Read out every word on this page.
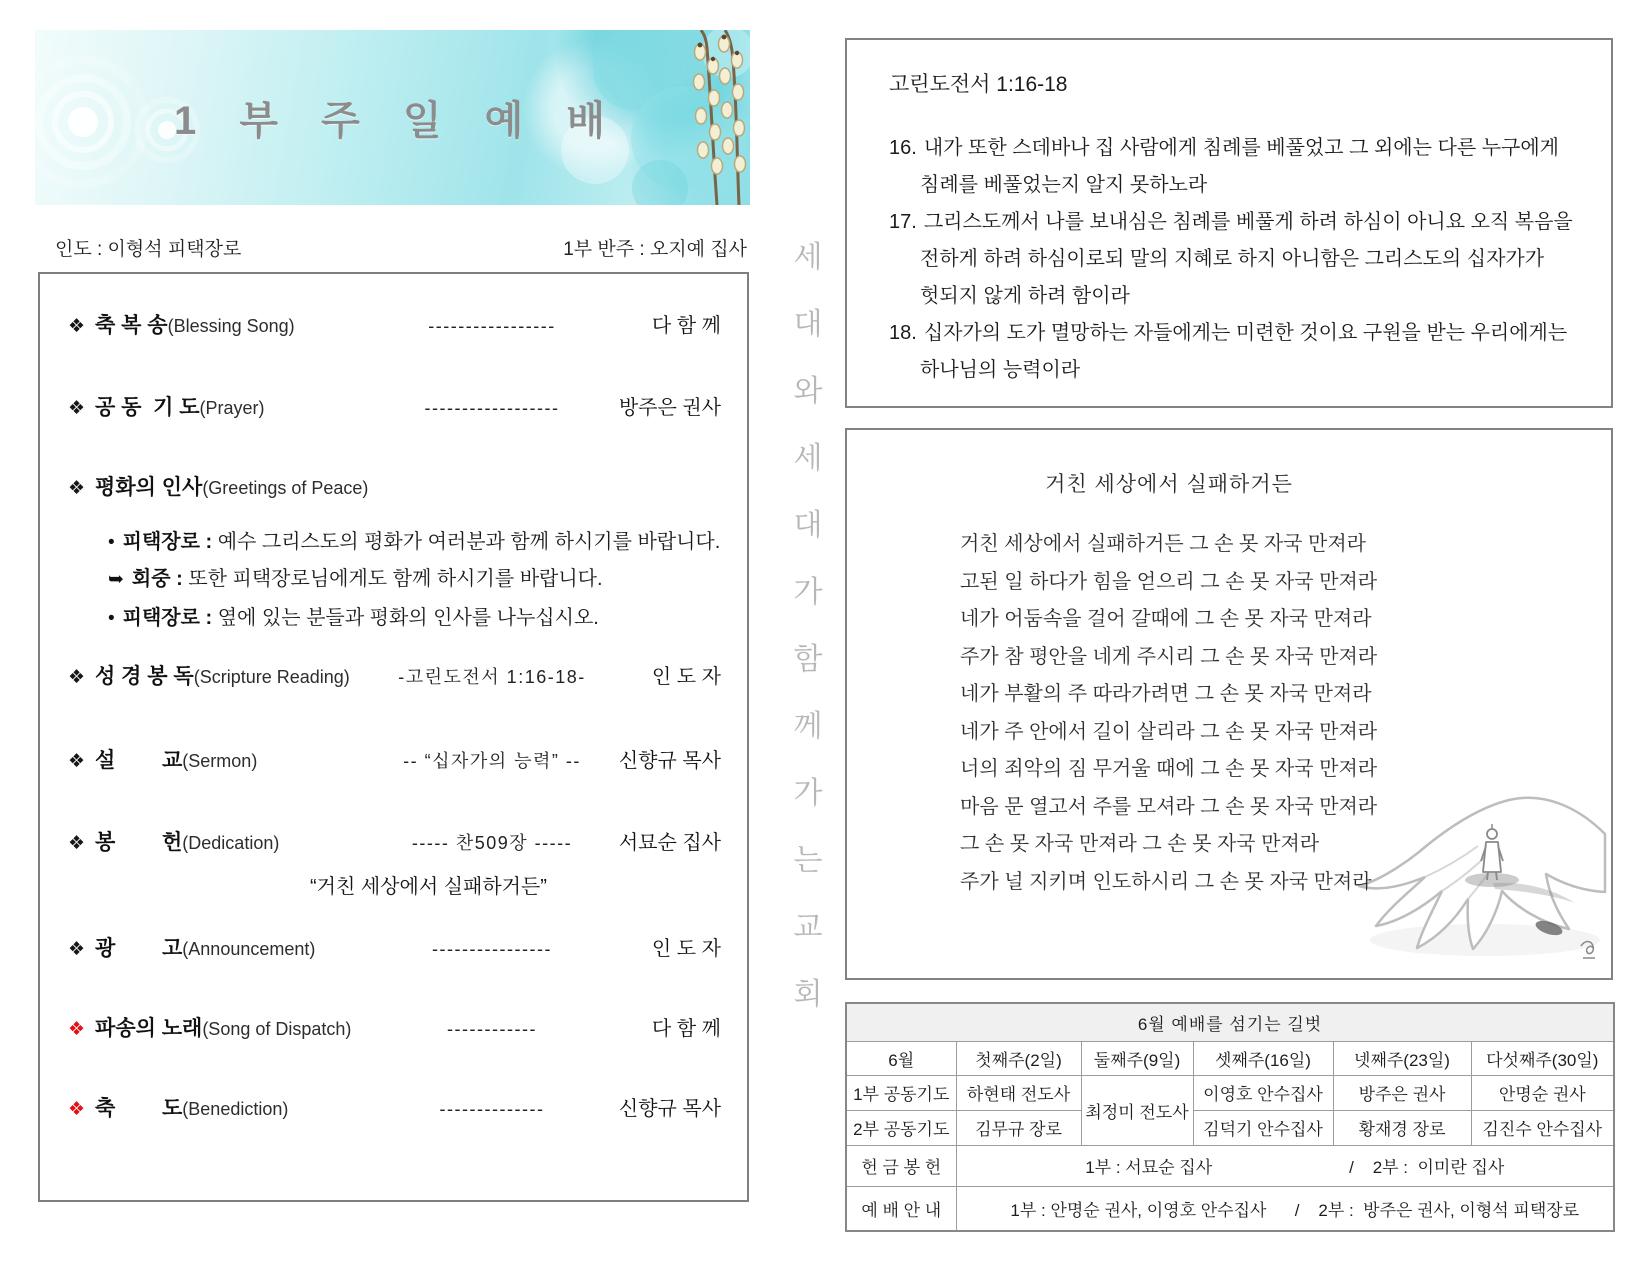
1 부 주 일 예 배
인도 : 이형석 피택장로	1부 반주 : 오지예 집사
❖ 축 복 송(Blessing Song)	-----------------	다 함 께
❖ 공 동  기 도(Prayer)	------------------	방주은 권사
❖ 평화의 인사(Greetings of Peace)
• 피택장로 : 예수 그리스도의 평화가 여러분과 함께 하시기를 바랍니다.
➥ 회중 : 또한 피택장로님에게도 함께 하시기를 바랍니다.
• 피택장로 : 옆에 있는 분들과 평화의 인사를 나누십시오.
❖ 성 경 봉 독(Scripture Reading)	-고린도전서 1:16-18-	인 도 자
❖ 설        교(Sermon)	-- “십자가의 능력” --	신향규 목사
❖ 봉        헌(Dedication)	----- 찬509장 -----	서묘순 집사
“거친 세상에서 실패하거든”
❖ 광        고(Announcement)	----------------	인 도 자
❖ 파송의 노래(Song of Dispatch)	------------	다 함 께
❖ 축        도(Benediction)	--------------	신향규 목사
세대와세대가함께가는교회
고린도전서 1:16-18
16. 내가 또한 스데바나 집 사람에게 침례를 베풀었고 그 외에는 다른 누구에게
침례를 베풀었는지 알지 못하노라
17. 그리스도께서 나를 보내심은 침례를 베풀게 하려 하심이 아니요 오직 복음을
전하게 하려 하심이로되 말의 지혜로 하지 아니함은 그리스도의 십자가가
헛되지 않게 하려 함이라
18. 십자가의 도가 멸망하는 자들에게는 미련한 것이요 구원을 받는 우리에게는
하나님의 능력이라
거친 세상에서 실패하거든
거친 세상에서 실패하거든 그 손 못 자국 만져라
고된 일 하다가 힘을 얻으리 그 손 못 자국 만져라
네가 어둠속을 걸어 갈때에 그 손 못 자국 만져라
주가 참 평안을 네게 주시리 그 손 못 자국 만져라
네가 부활의 주 따라가려면 그 손 못 자국 만져라
네가 주 안에서 길이 살리라 그 손 못 자국 만져라
너의 죄악의 짐 무거울 때에 그 손 못 자국 만져라
마음 문 열고서 주를 모셔라 그 손 못 자국 만져라
그 손 못 자국 만져라 그 손 못 자국 만져라
주가 널 지키며 인도하시리 그 손 못 자국 만져라
6월 예배를 섬기는 길벗					
6월	첫째주(2일)	둘째주(9일)	셋째주(16일)	넷째주(23일)	다섯째주(30일)
1부 공동기도	하현태 전도사	최정미 전도사	이영호 안수집사	방주은 권사	안명순 권사
2부 공동기도	김무규 장로		김덕기 안수집사	황재경 장로	김진수 안수집사
헌 금 봉 헌	1부 : 서묘순 집사                             /    2부 :  이미란 집사				
예 배 안 내	1부 : 안명순 권사, 이영호 안수집사      /    2부 :  방주은 권사, 이형석 피택장로				
